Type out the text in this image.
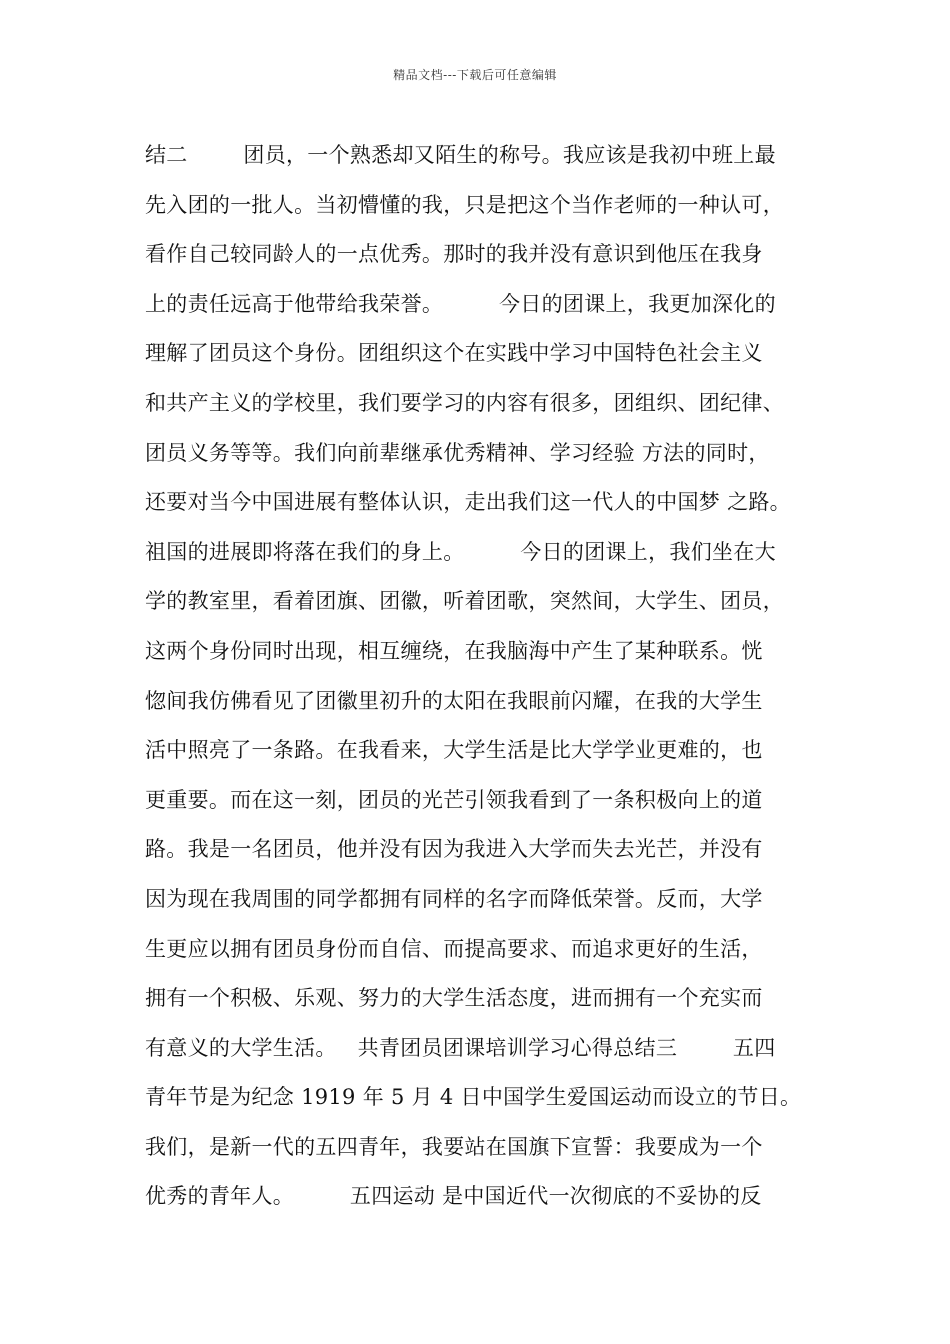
精品文档---下载后可任意编辑
结二        团员，一个熟悉却又陌生的称号。我应该是我初中班上最
先入团的一批人。当初懵懂的我，只是把这个当作老师的一种认可，
看作自己较同龄人的一点优秀。那时的我并没有意识到他压在我身
上的责任远高于他带给我荣誉。        今日的团课上，我更加深化的
理解了团员这个身份。团组织这个在实践中学习中国特色社会主义
和共产主义的学校里，我们要学习的内容有很多，团组织、团纪律、
团员义务等等。我们向前辈继承优秀精神、学习经验 方法的同时，
还要对当今中国进展有整体认识，走出我们这一代人的中国梦 之路。
祖国的进展即将落在我们的身上。        今日的团课上，我们坐在大
学的教室里，看着团旗、团徽，听着团歌，突然间，大学生、团员，
这两个身份同时出现，相互缠绕，在我脑海中产生了某种联系。恍
惚间我仿佛看见了团徽里初升的太阳在我眼前闪耀，在我的大学生
活中照亮了一条路。在我看来，大学生活是比大学学业更难的，也
更重要。而在这一刻，团员的光芒引领我看到了一条积极向上的道
路。我是一名团员，他并没有因为我进入大学而失去光芒，并没有
因为现在我周围的同学都拥有同样的名字而降低荣誉。反而，大学
生更应以拥有团员身份而自信、而提高要求、而追求更好的生活，
拥有一个积极、乐观、努力的大学生活态度，进而拥有一个充实而
有意义的大学生活。   共青团员团课培训学习心得总结三        五四
青年节是为纪念 1919 年 5 月 4 日中国学生爱国运动而设立的节日。
我们，是新一代的五四青年，我要站在国旗下宣誓：我要成为一个
优秀的青年人。        五四运动 是中国近代一次彻底的不妥协的反
